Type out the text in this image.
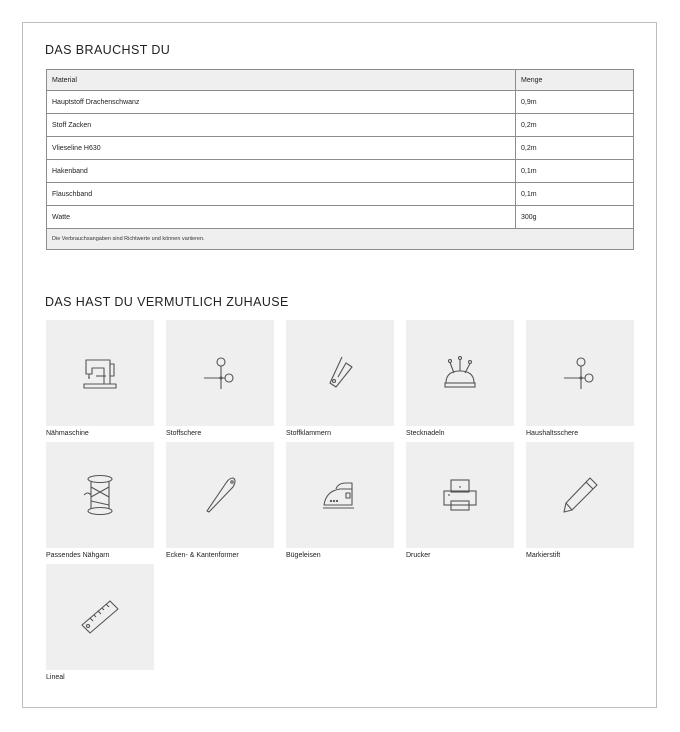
DAS BRAUCHST DU
Material	Menge
Hauptstoff Drachenschwanz	0,9m
Stoff Zacken	0,2m
Vlieseline H630	0,2m
Hakenband	0,1m
Flauschband	0,1m
Watte	300g
Die Verbrauchsangaben sind Richtwerte und können variieren.	
DAS HAST DU VERMUTLICH ZUHAUSE
Nähmaschine	Stoffschere	Stoffklammern	Stecknadeln	Haushaltsschere
Passendes Nähgarn	Ecken- & Kantenformer	Bügeleisen	Drucker	Markierstift
Lineal
